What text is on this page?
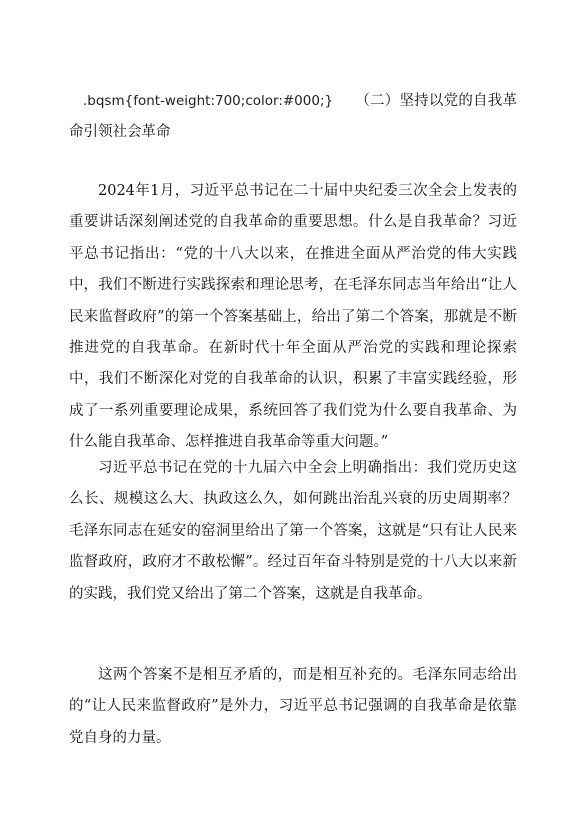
.bqsm{font-weight:700;color:#000;} （二）坚持以党的自我革命引领社会革命

2024年1月，习近平总书记在二十届中央纪委三次全会上发表的重要讲话深刻阐述党的自我革命的重要思想。什么是自我革命？习近平总书记指出：“党的十八大以来，在推进全面从严治党的伟大实践中，我们不断进行实践探索和理论思考，在毛泽东同志当年给出“让人民来监督政府”的第一个答案基础上，给出了第二个答案，那就是不断推进党的自我革命。在新时代十年全面从严治党的实践和理论探索中，我们不断深化对党的自我革命的认识，积累了丰富实践经验，形成了一系列重要理论成果，系统回答了我们党为什么要自我革命、为什么能自我革命、怎样推进自我革命等重大问题。”

习近平总书记在党的十九届六中全会上明确指出：我们党历史这么长、规模这么大、执政这么久，如何跳出治乱兴衰的历史周期率？毛泽东同志在延安的窑洞里给出了第一个答案，这就是“只有让人民来监督政府，政府才不敢松懈”。经过百年奋斗特别是党的十八大以来新的实践，我们党又给出了第二个答案，这就是自我革命。

这两个答案不是相互矛盾的，而是相互补充的。毛泽东同志给出的“让人民来监督政府”是外力，习近平总书记强调的自我革命是依靠党自身的力量。
